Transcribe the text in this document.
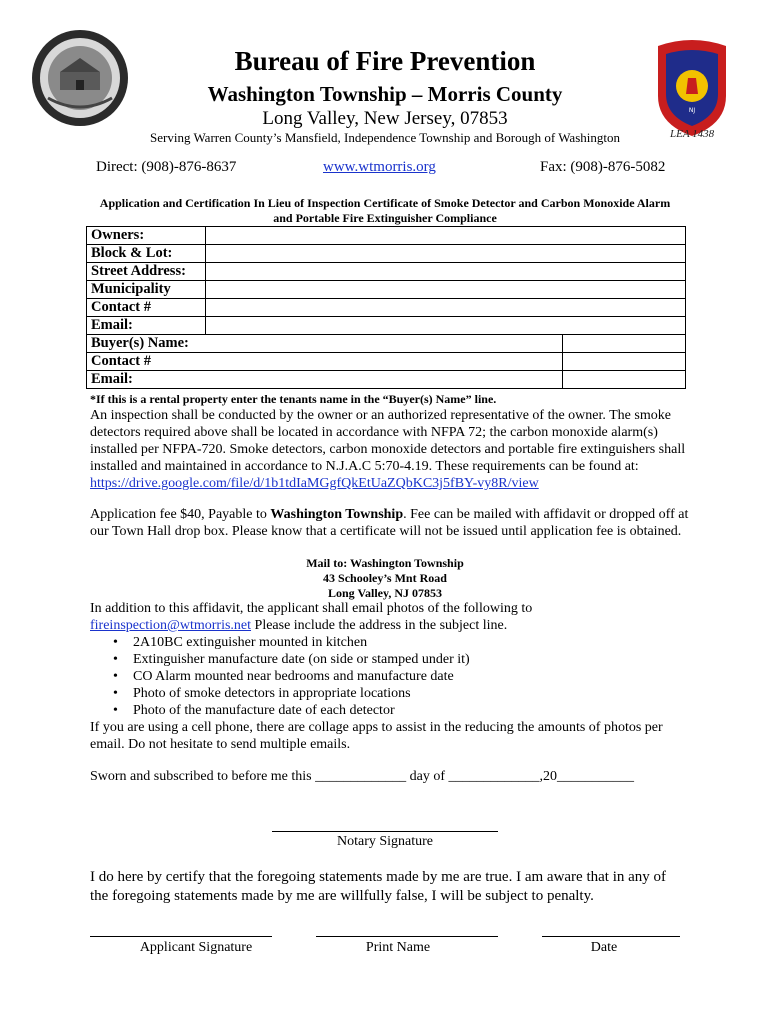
NJ
LEA 1438
Bureau of Fire Prevention
Washington Township – Morris County
Long Valley, New Jersey, 07853
Serving Warren County’s Mansfield, Independence Township and Borough of Washington
Direct: (908)-876-8637	www.wtmorris.org	Fax: (908)-876-5082
Application and Certification In Lieu of Inspection Certificate of Smoke Detector and Carbon Monoxide Alarm and Portable Fire Extinguisher Compliance
Owners:		
Block & Lot:		
Street Address:		
Municipality		
Contact #		
Email:		
Buyer(s) Name:		
Contact #		
Email:		
*If this is a rental property enter the tenants name in the “Buyer(s) Name” line.
An inspection shall be conducted by the owner or an authorized representative of the owner. The smoke detectors required above shall be located in accordance with NFPA 72; the carbon monoxide alarm(s) installed per NFPA-720. Smoke detectors, carbon monoxide detectors and portable fire extinguishers shall installed and maintained in accordance to N.J.A.C 5:70-4.19. These requirements can be found at: https://drive.google.com/file/d/1b1tdIaMGgfQkEtUaZQbKC3j5fBY-vy8R/view
Application fee $40, Payable to Washington Township. Fee can be mailed with affidavit or dropped off at our Town Hall drop box. Please know that a certificate will not be issued until application fee is obtained.
Mail to: Washington Township
43 Schooley’s Mnt Road
Long Valley, NJ 07853
In addition to this affidavit, the applicant shall email photos of the following to
fireinspection@wtmorris.net Please include the address in the subject line.
• 2A10BC extinguisher mounted in kitchen
• Extinguisher manufacture date (on side or stamped under it)
• CO Alarm mounted near bedrooms and manufacture date
• Photo of smoke detectors in appropriate locations
• Photo of the manufacture date of each detector
If you are using a cell phone, there are collage apps to assist in the reducing the amounts of photos per email. Do not hesitate to send multiple emails.
Sworn and subscribed to before me this _____________ day of _____________,20___________
Notary Signature
I do here by certify that the foregoing statements made by me are true. I am aware that in any of the foregoing statements made by me are willfully false, I will be subject to penalty.
Applicant Signature	Print Name	Date
